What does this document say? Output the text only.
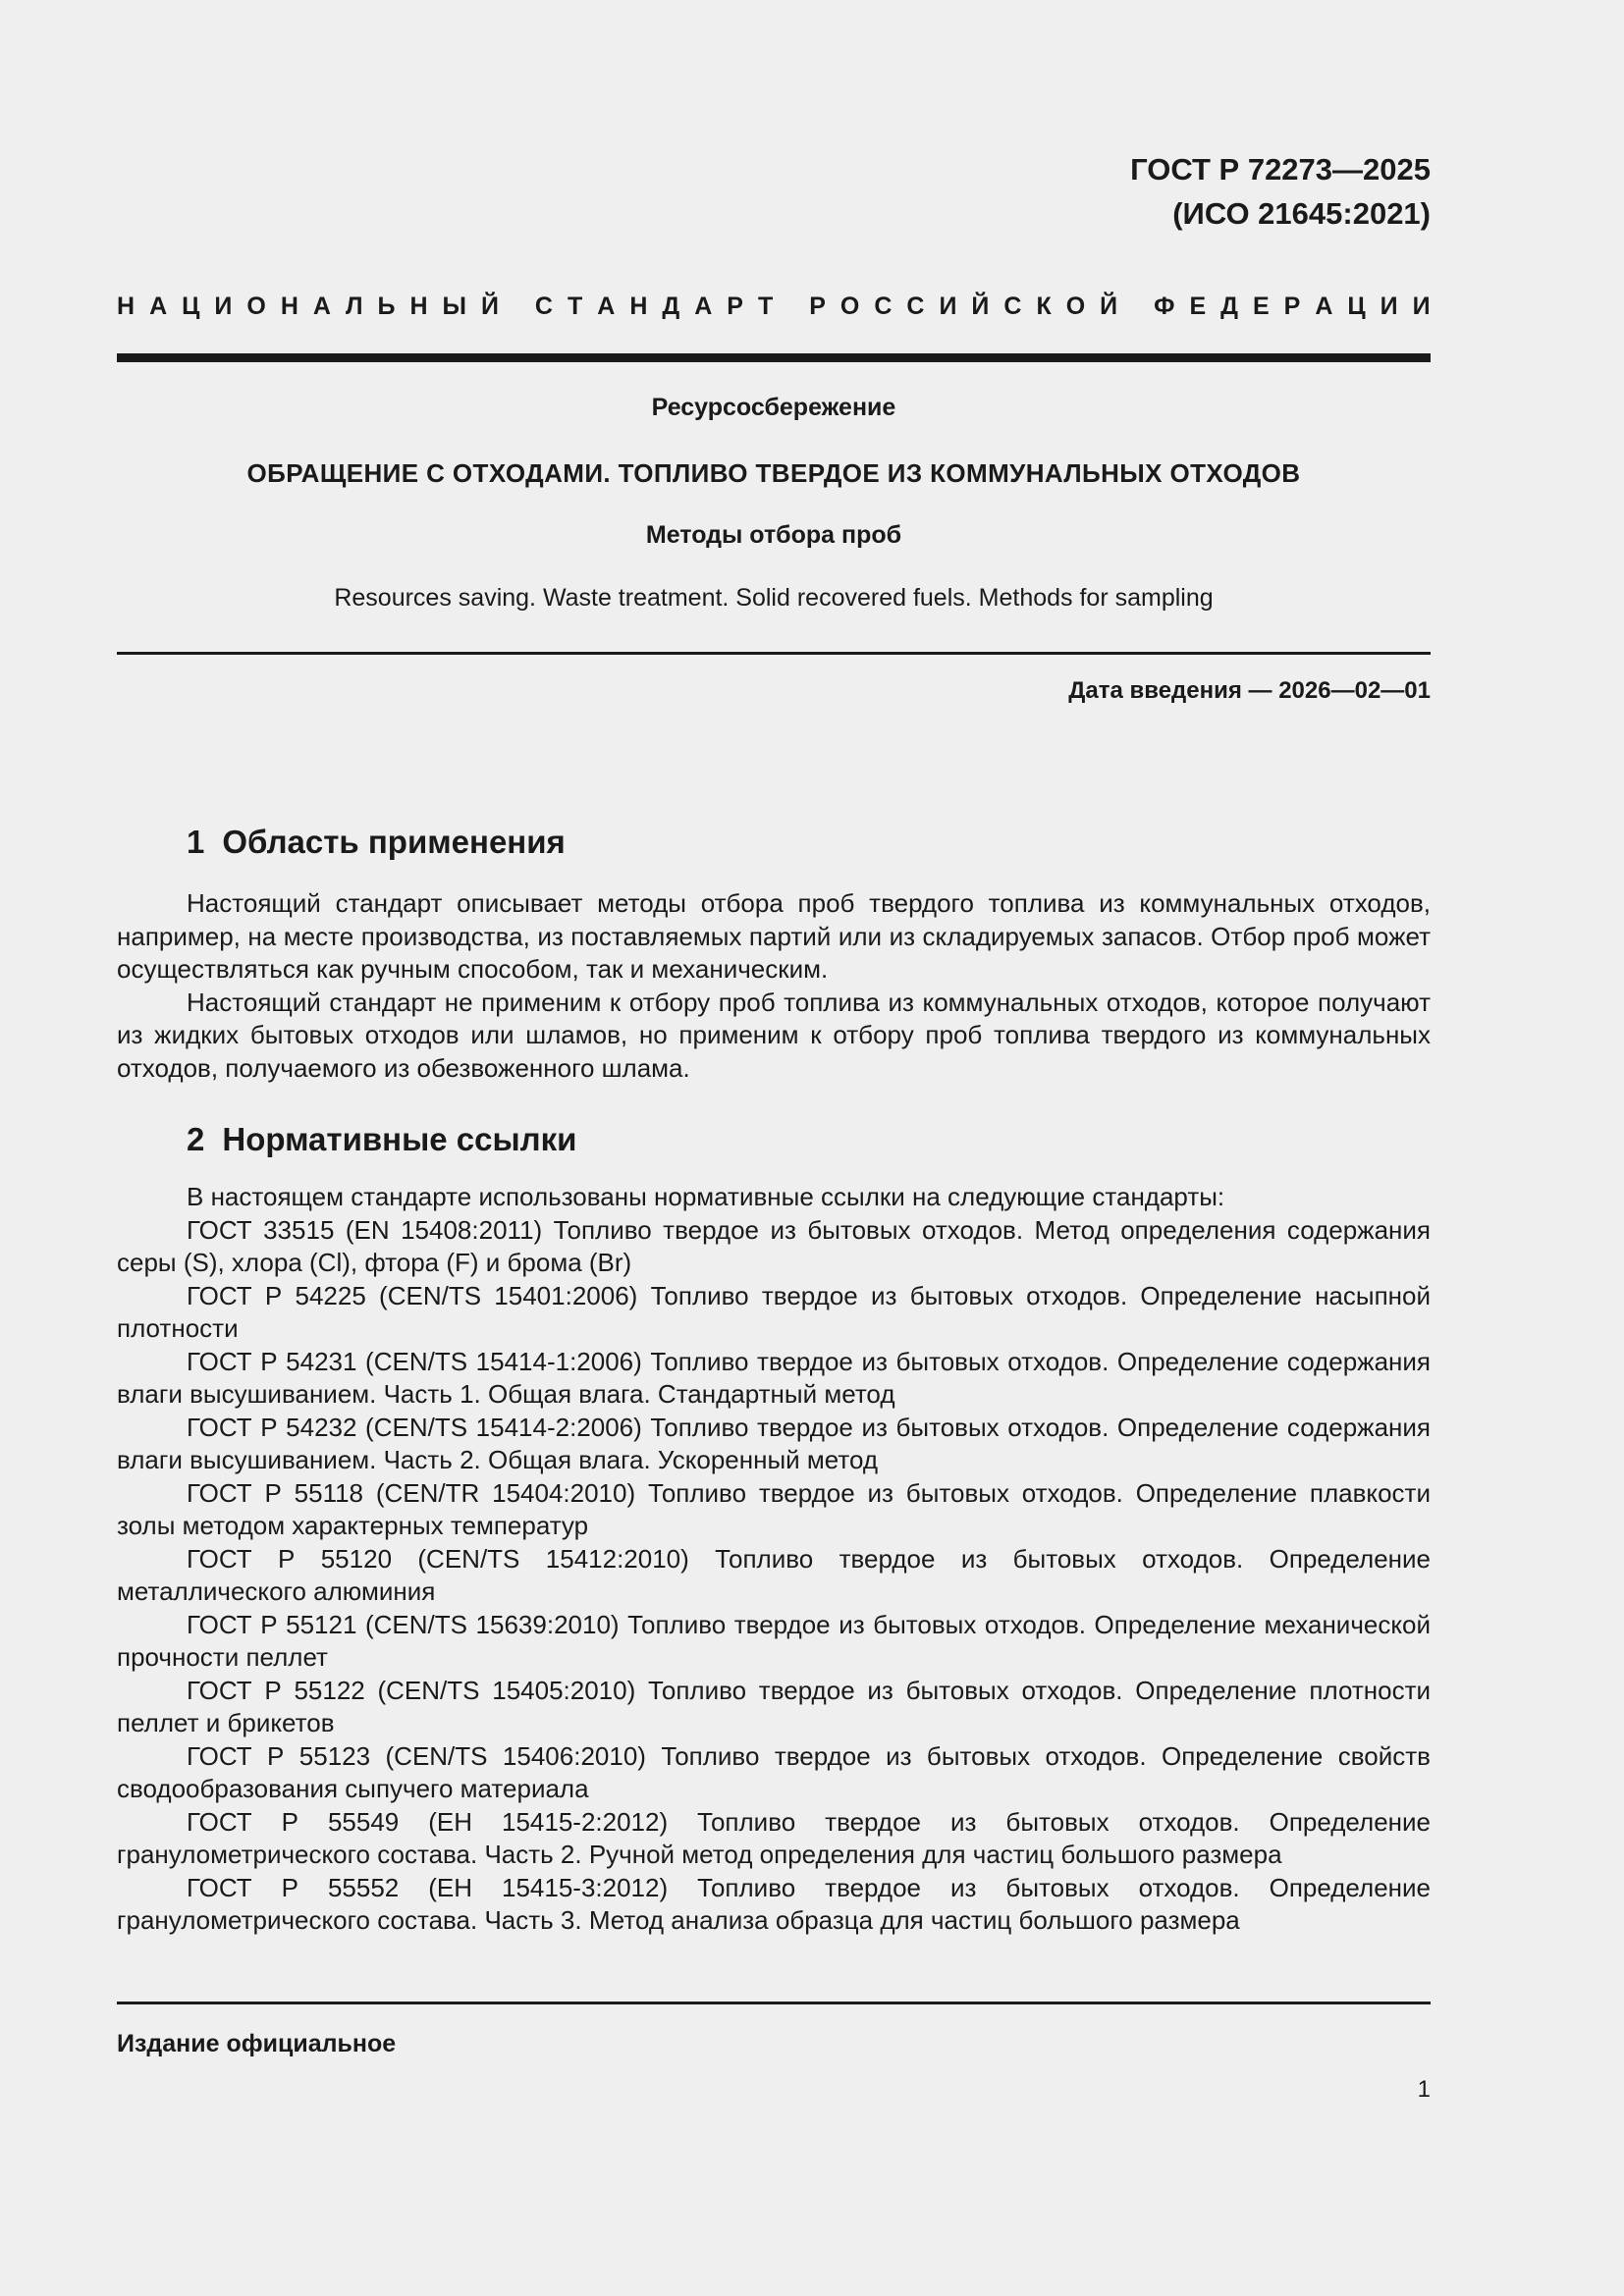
ГОСТ Р 72273—2025
(ИСО 21645:2021)
Н А Ц И О Н А Л Ь Н Ы Й
С Т А Н Д А Р Т
Р О С С И Й С К О Й
Ф Е Д Е Р А Ц И И
Ресурсосбережение
ОБРАЩЕНИЕ С ОТХОДАМИ. ТОПЛИВО ТВЕРДОЕ ИЗ КОММУНАЛЬНЫХ ОТХОДОВ
Методы отбора проб
Resources saving. Waste treatment. Solid recovered fuels. Methods for sampling
Дата введения — 2026—02—01
1 Область применения

Настоящий стандарт описывает методы отбора проб твердого топлива из коммунальных отходов, например, на месте производства, из поставляемых партий или из складируемых запасов. Отбор проб может осуществляться как ручным способом, так и механическим.

Настоящий стандарт не применим к отбору проб топлива из коммунальных отходов, которое получают из жидких бытовых отходов или шламов, но применим к отбору проб топлива твердого из коммунальных отходов, получаемого из обезвоженного шлама.

2 Нормативные ссылки

В настоящем стандарте использованы нормативные ссылки на следующие стандарты:

ГОСТ 33515 (EN 15408:2011) Топливо твердое из бытовых отходов. Метод определения содержания серы (S), хлора (Cl), фтора (F) и брома (Br)

ГОСТ Р 54225 (CEN/TS 15401:2006) Топливо твердое из бытовых отходов. Определение насыпной плотности

ГОСТ Р 54231 (CEN/TS 15414-1:2006) Топливо твердое из бытовых отходов. Определение содержания влаги высушиванием. Часть 1. Общая влага. Стандартный метод

ГОСТ Р 54232 (CEN/TS 15414-2:2006) Топливо твердое из бытовых отходов. Определение содержания влаги высушиванием. Часть 2. Общая влага. Ускоренный метод

ГОСТ Р 55118 (CEN/TR 15404:2010) Топливо твердое из бытовых отходов. Определение плавкости золы методом характерных температур

ГОСТ Р 55120 (CEN/TS 15412:2010) Топливо твердое из бытовых отходов. Определение металлического алюминия

ГОСТ Р 55121 (CEN/TS 15639:2010) Топливо твердое из бытовых отходов. Определение механической прочности пеллет

ГОСТ Р 55122 (CEN/TS 15405:2010) Топливо твердое из бытовых отходов. Определение плотности пеллет и брикетов

ГОСТ Р 55123 (CEN/TS 15406:2010) Топливо твердое из бытовых отходов. Определение свойств сводообразования сыпучего материала

ГОСТ Р 55549 (ЕН 15415-2:2012) Топливо твердое из бытовых отходов. Определение гранулометрического состава. Часть 2. Ручной метод определения для частиц большого размера

ГОСТ Р 55552 (ЕН 15415-3:2012) Топливо твердое из бытовых отходов. Определение гранулометрического состава. Часть 3. Метод анализа образца для частиц большого размера

Издание официальное
1
